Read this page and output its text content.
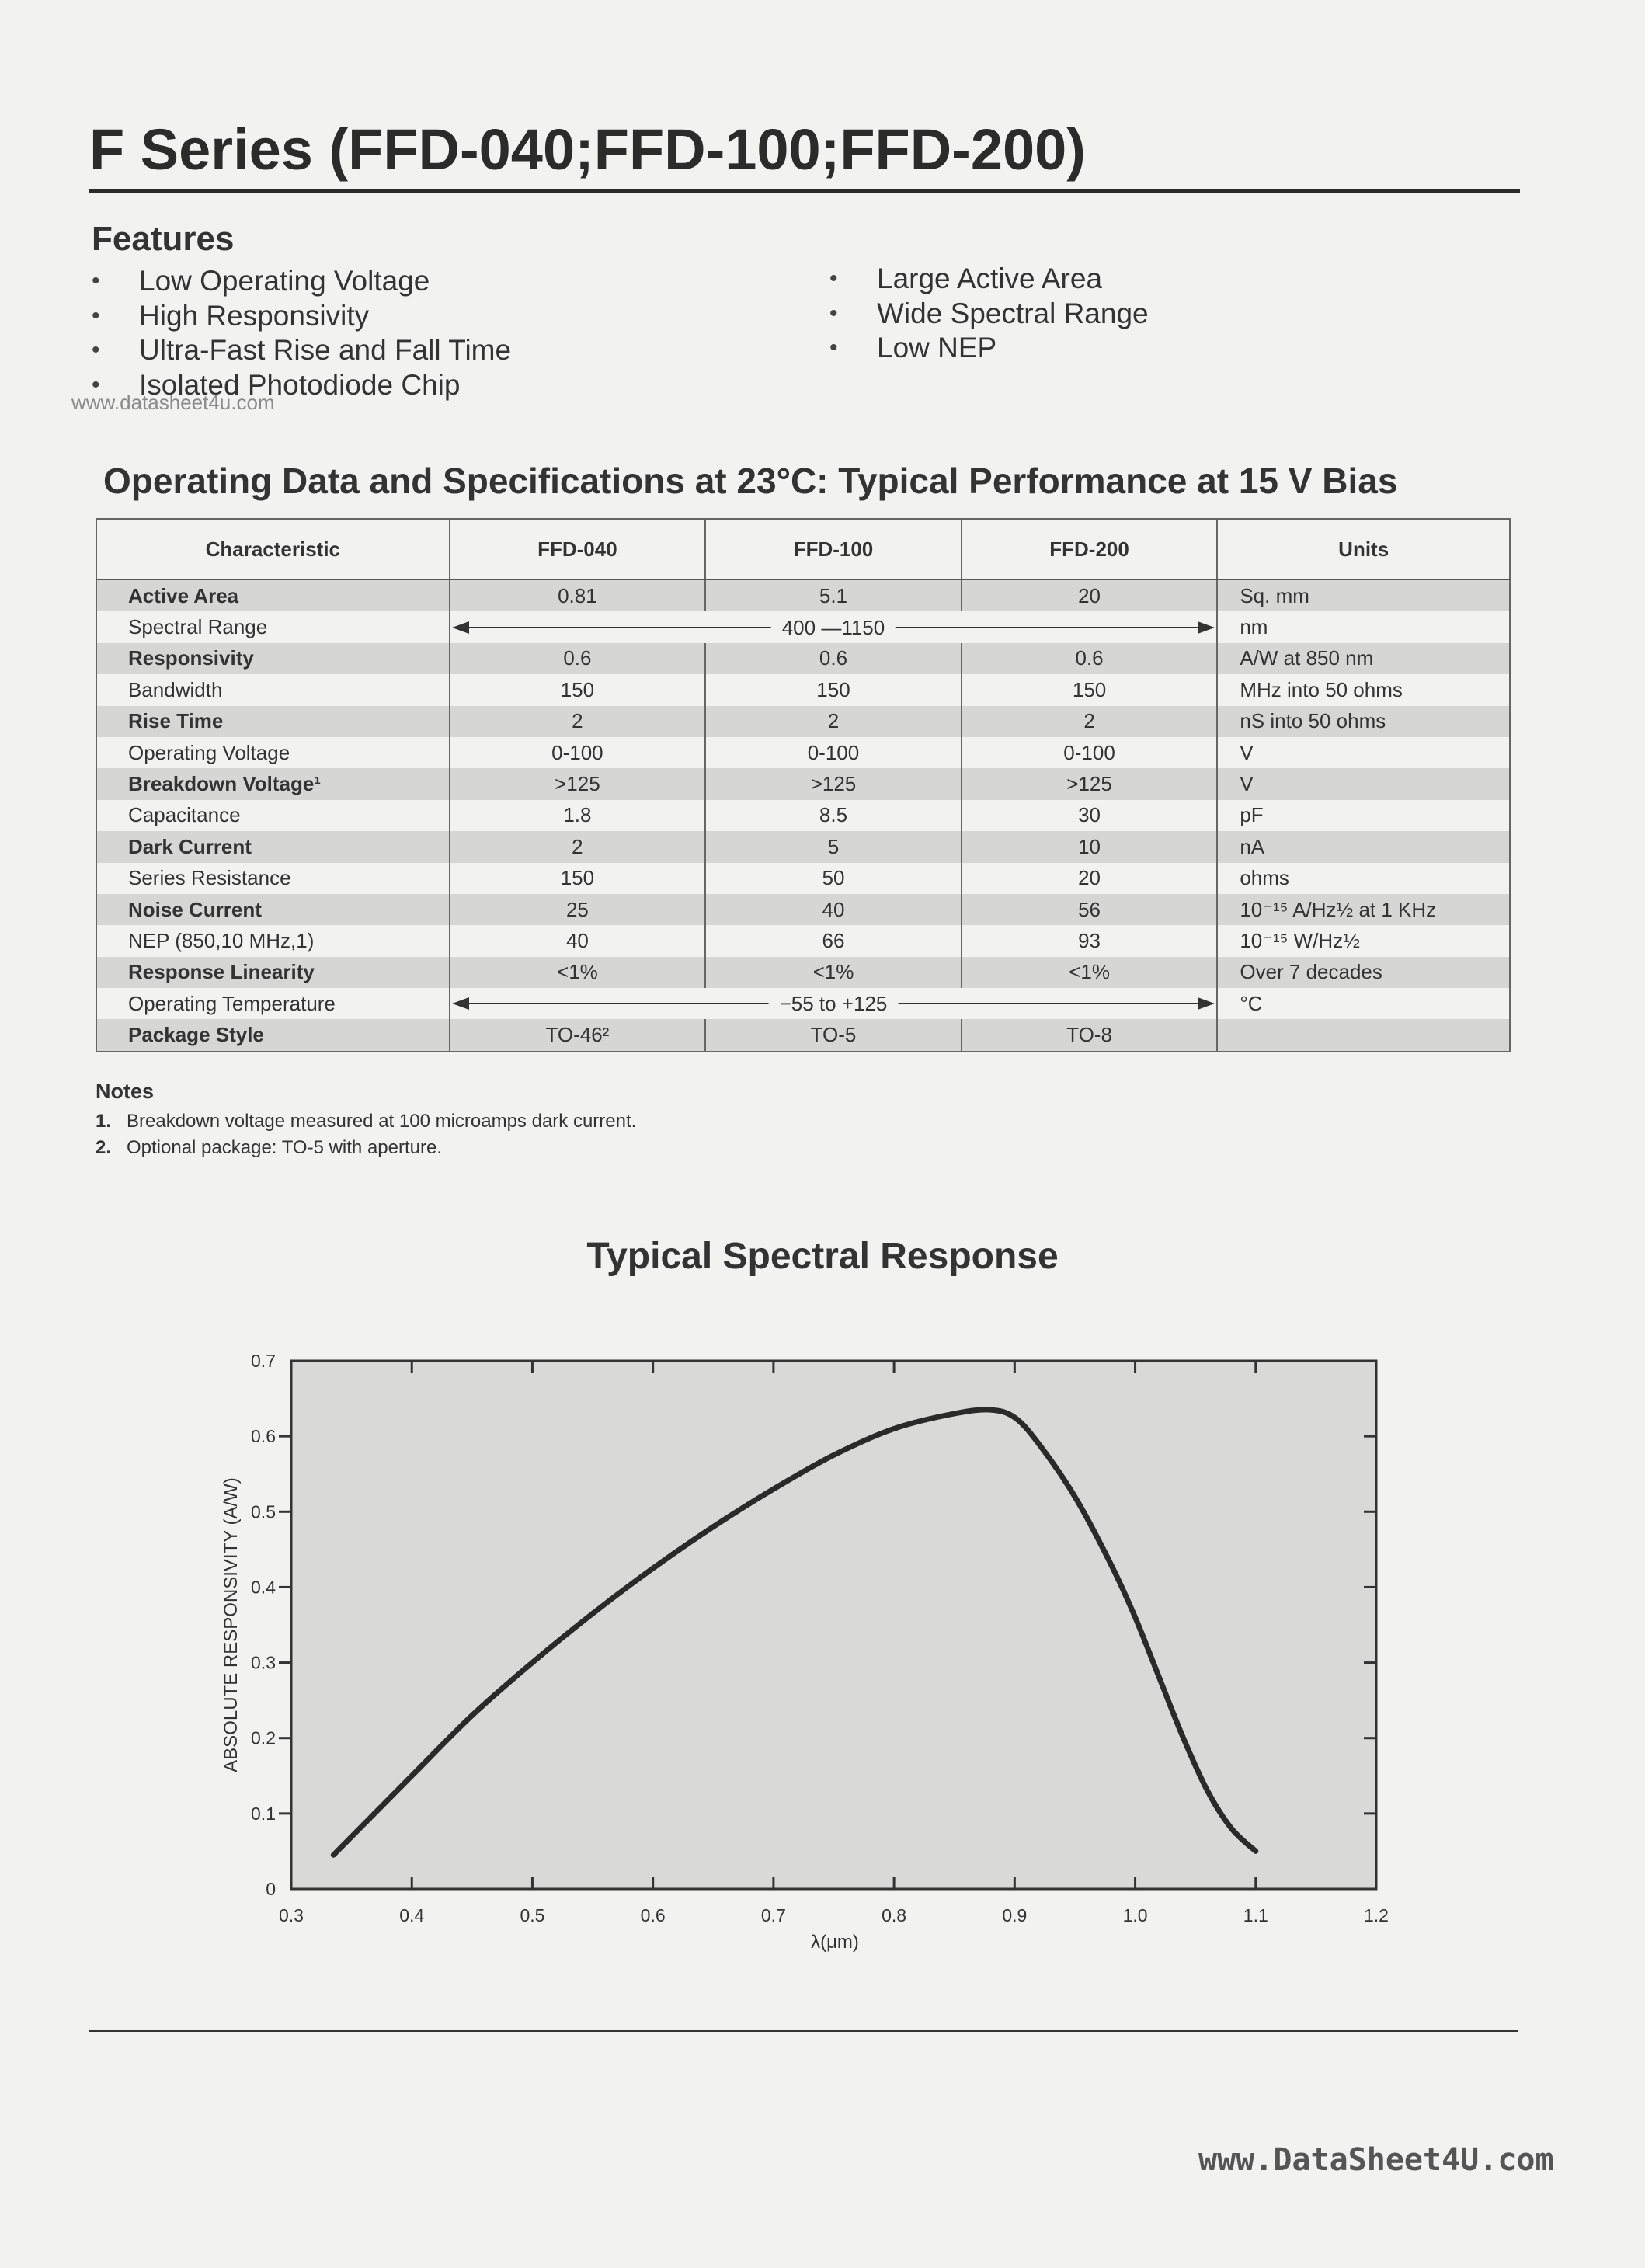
F Series (FFD-040;FFD-100;FFD-200)
Features
• Low Operating Voltage
• High Responsivity
• Ultra-Fast Rise and Fall Time
• Isolated Photodiode Chip
• Large Active Area
• Wide Spectral Range
• Low NEP
www.datasheet4u.com
Operating Data and Specifications at 23°C: Typical Performance at 15 V Bias
Characteristic	FFD-040	FFD-100	FFD-200	Units
Active Area	0.81	5.1	20	Sq. mm
Spectral Range	400 —1150			nm
Responsivity	0.6	0.6	0.6	A/W at 850 nm
Bandwidth	150	150	150	MHz into 50 ohms
Rise Time	2	2	2	nS into 50 ohms
Operating Voltage	0-100	0-100	0-100	V
Breakdown Voltage¹	>125	>125	>125	V
Capacitance	1.8	8.5	30	pF
Dark Current	2	5	10	nA
Series Resistance	150	50	20	ohms
Noise Current	25	40	56	10⁻¹⁵ A/Hz½ at 1 KHz
NEP (850,10 MHz,1)	40	66	93	10⁻¹⁵ W/Hz½
Response Linearity	<1%	<1%	<1%	Over 7 decades
Operating Temperature	−55 to +125			°C
Package Style	TO-46²	TO-5	TO-8	
Notes
1. Breakdown voltage measured at 100 microamps dark current.
2. Optional package: TO-5 with aperture.
Typical Spectral Response
0.3	0.4	0.5	0.6	0.7	0.8	0.9	1.0	1.1	1.2
0
0.1
0.2
0.3
0.4
0.5
0.6
0.7
ABSOLUTE RESPONSIVITY (A/W)
λ(μm)
www.DataSheet4U.com
